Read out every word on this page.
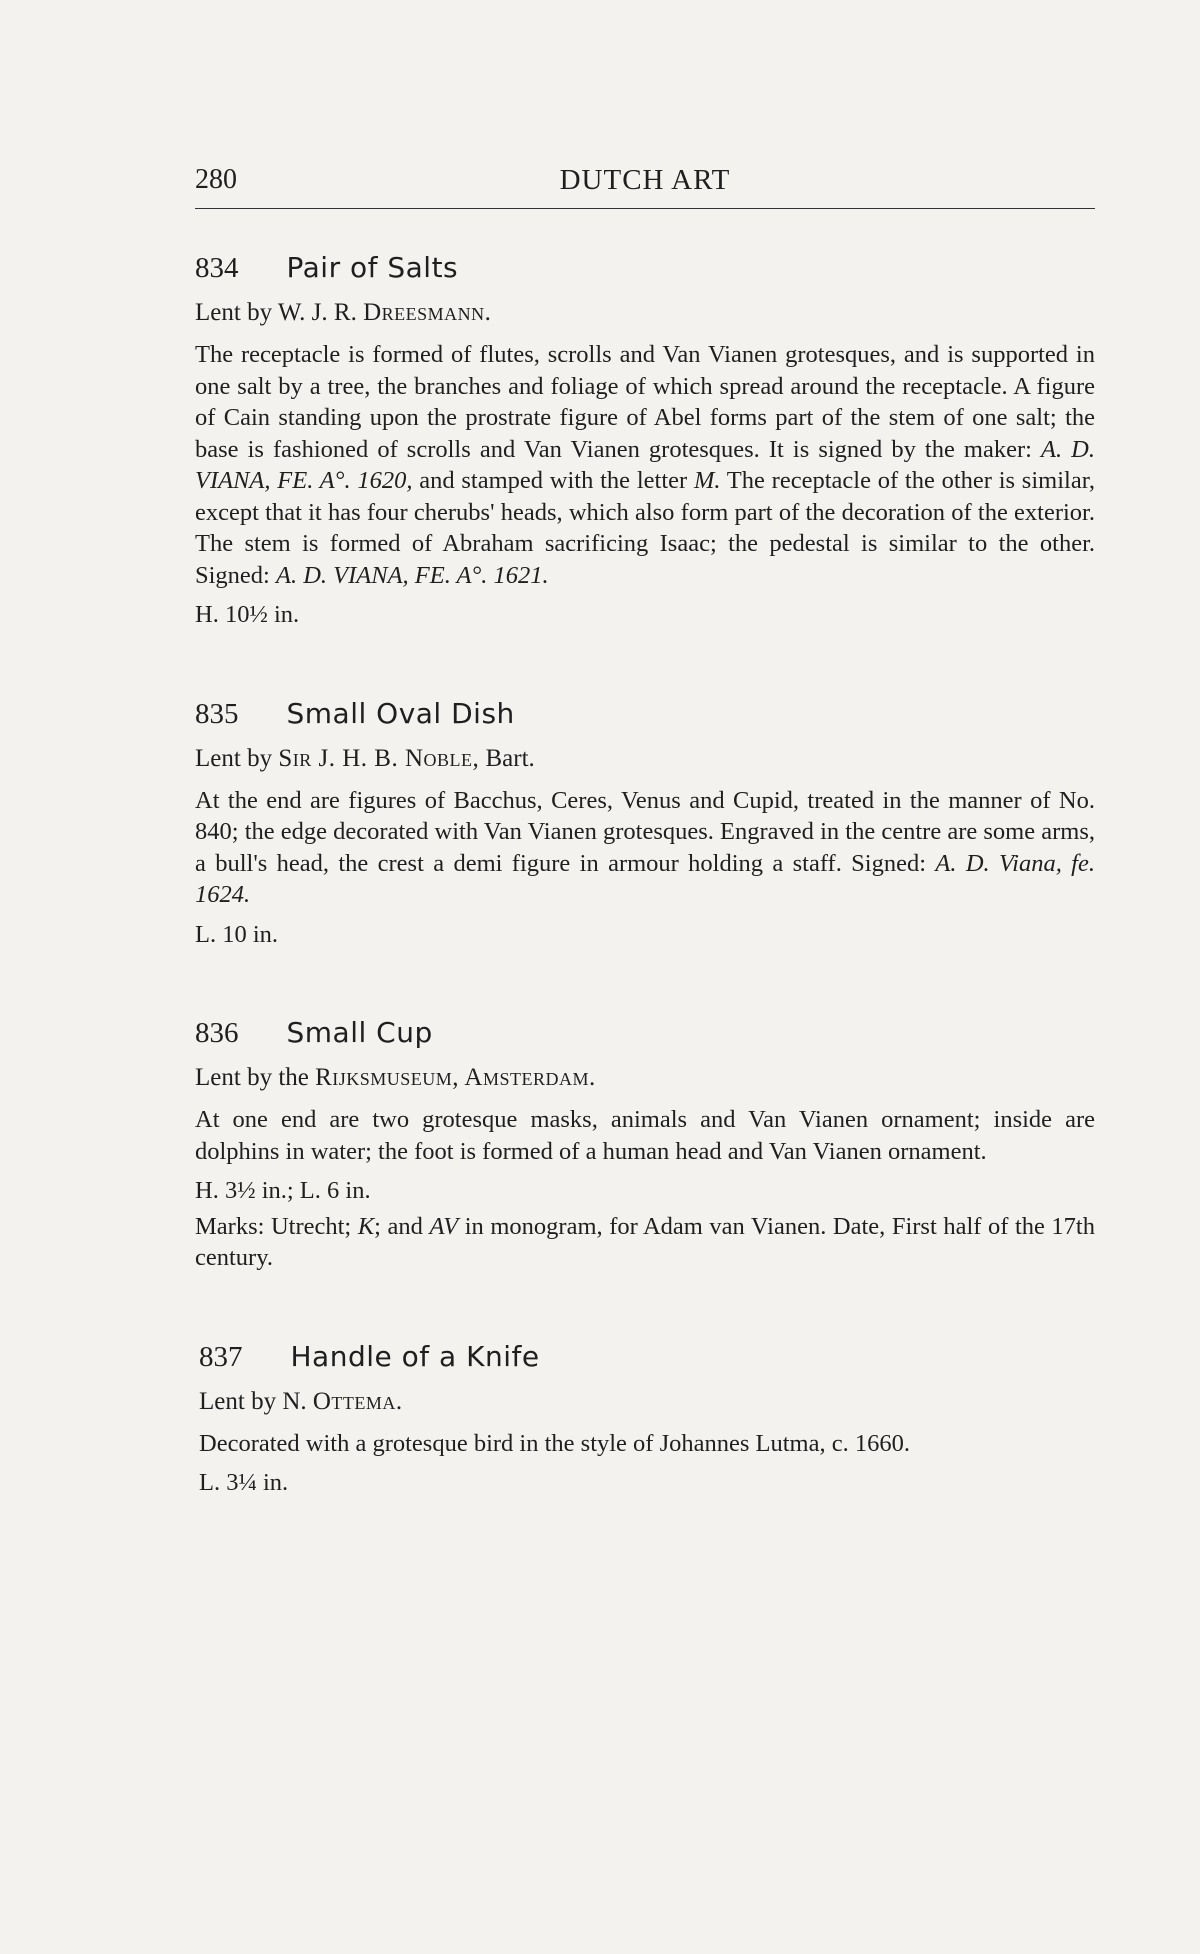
280	DUTCH ART
834 Pair of Salts

Lent by W. J. R. Dreesmann.

The receptacle is formed of flutes, scrolls and Van Vianen grotesques, and is supported in one salt by a tree, the branches and foliage of which spread around the receptacle. A figure of Cain standing upon the prostrate figure of Abel forms part of the stem of one salt; the base is fashioned of scrolls and Van Vianen grotesques. It is signed by the maker: A. D. VIANA, FE. A°. 1620, and stamped with the letter M. The receptacle of the other is similar, except that it has four cherubs' heads, which also form part of the decoration of the exterior. The stem is formed of Abraham sacrificing Isaac; the pedestal is similar to the other. Signed: A. D. VIANA, FE. A°. 1621.

H. 10½ in.

835 Small Oval Dish

Lent by Sir J. H. B. Noble, Bart.

At the end are figures of Bacchus, Ceres, Venus and Cupid, treated in the manner of No. 840; the edge decorated with Van Vianen grotesques. Engraved in the centre are some arms, a bull's head, the crest a demi figure in armour holding a staff. Signed: A. D. Viana, fe. 1624.

L. 10 in.

836 Small Cup

Lent by the Rijksmuseum, Amsterdam.

At one end are two grotesque masks, animals and Van Vianen ornament; inside are dolphins in water; the foot is formed of a human head and Van Vianen ornament.

H. 3½ in.; L. 6 in.

Marks: Utrecht; K; and AV in monogram, for Adam van Vianen. Date, First half of the 17th century.

837 Handle of a Knife

Lent by N. Ottema.

Decorated with a grotesque bird in the style of Johannes Lutma, c. 1660.

L. 3¼ in.
